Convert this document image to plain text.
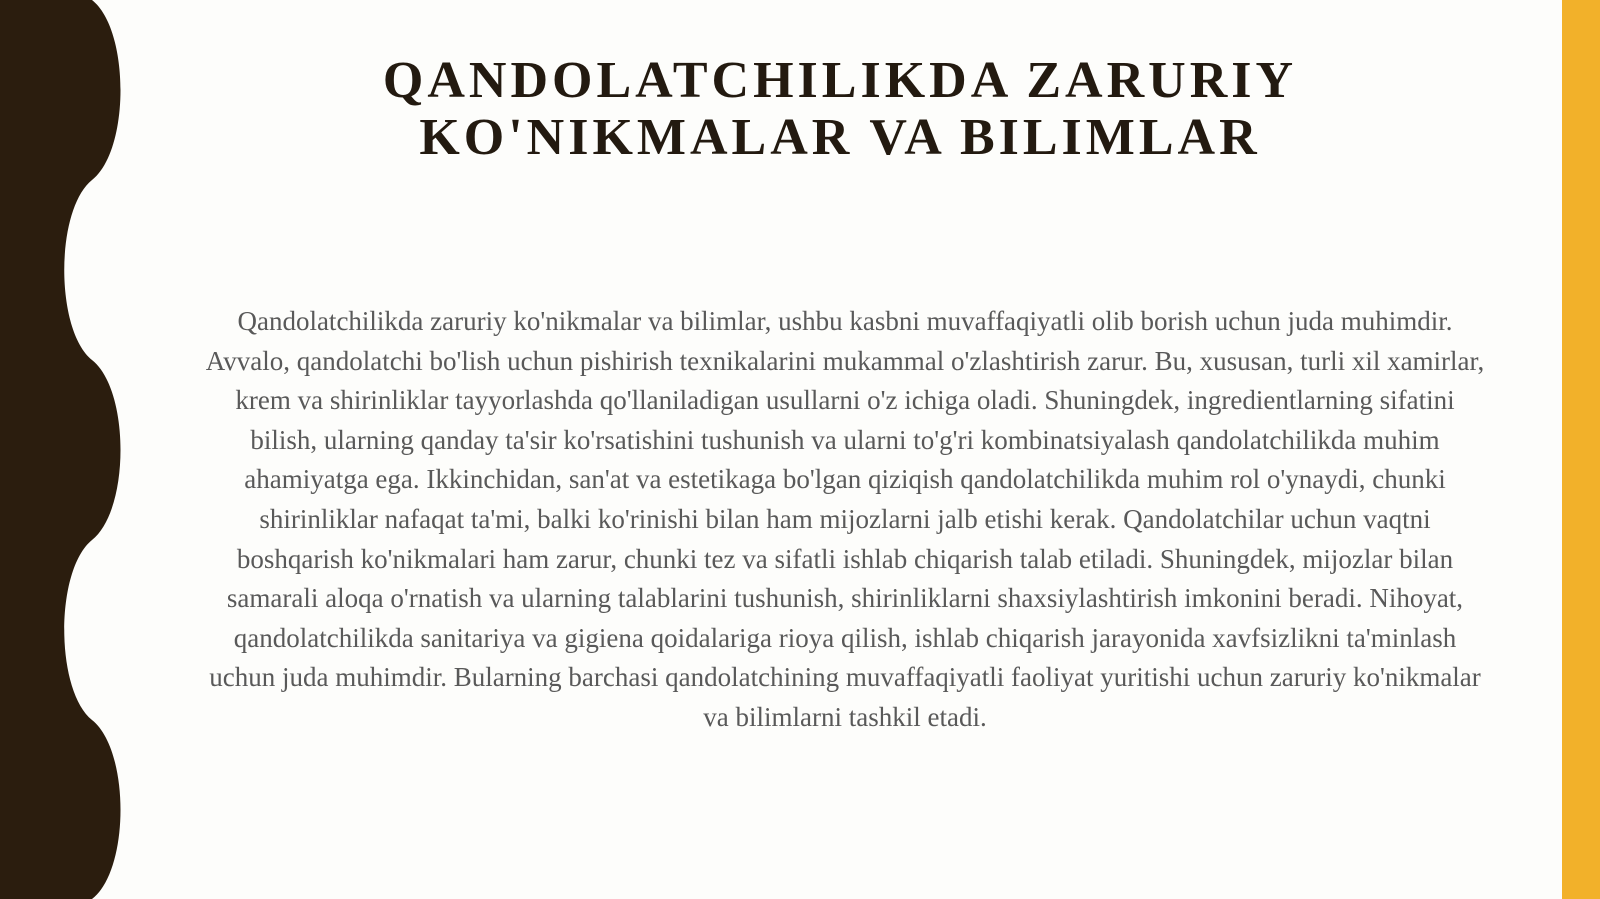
QANDOLATCHILIKDA ZARURIY
KO'NIKMALAR VA BILIMLAR

Qandolatchilikda zaruriy ko'nikmalar va bilimlar, ushbu kasbni muvaffaqiyatli olib borish uchun juda muhimdir. Avvalo, qandolatchi bo'lish uchun pishirish texnikalarini mukammal o'zlashtirish zarur. Bu, xususan, turli xil xamirlar, krem va shirinliklar tayyorlashda qo'llaniladigan usullarni o'z ichiga oladi. Shuningdek, ingredientlarning sifatini bilish, ularning qanday ta'sir ko'rsatishini tushunish va ularni to'g'ri kombinatsiyalash qandolatchilikda muhim ahamiyatga ega. Ikkinchidan, san'at va estetikaga bo'lgan qiziqish qandolatchilikda muhim rol o'ynaydi, chunki shirinliklar nafaqat ta'mi, balki ko'rinishi bilan ham mijozlarni jalb etishi kerak. Qandolatchilar uchun vaqtni boshqarish ko'nikmalari ham zarur, chunki tez va sifatli ishlab chiqarish talab etiladi. Shuningdek, mijozlar bilan samarali aloqa o'rnatish va ularning talablarini tushunish, shirinliklarni shaxsiylashtirish imkonini beradi. Nihoyat, qandolatchilikda sanitariya va gigiena qoidalariga rioya qilish, ishlab chiqarish jarayonida xavfsizlikni ta'minlash uchun juda muhimdir. Bularning barchasi qandolatchining muvaffaqiyatli faoliyat yuritishi uchun zaruriy ko'nikmalar va bilimlarni tashkil etadi.
